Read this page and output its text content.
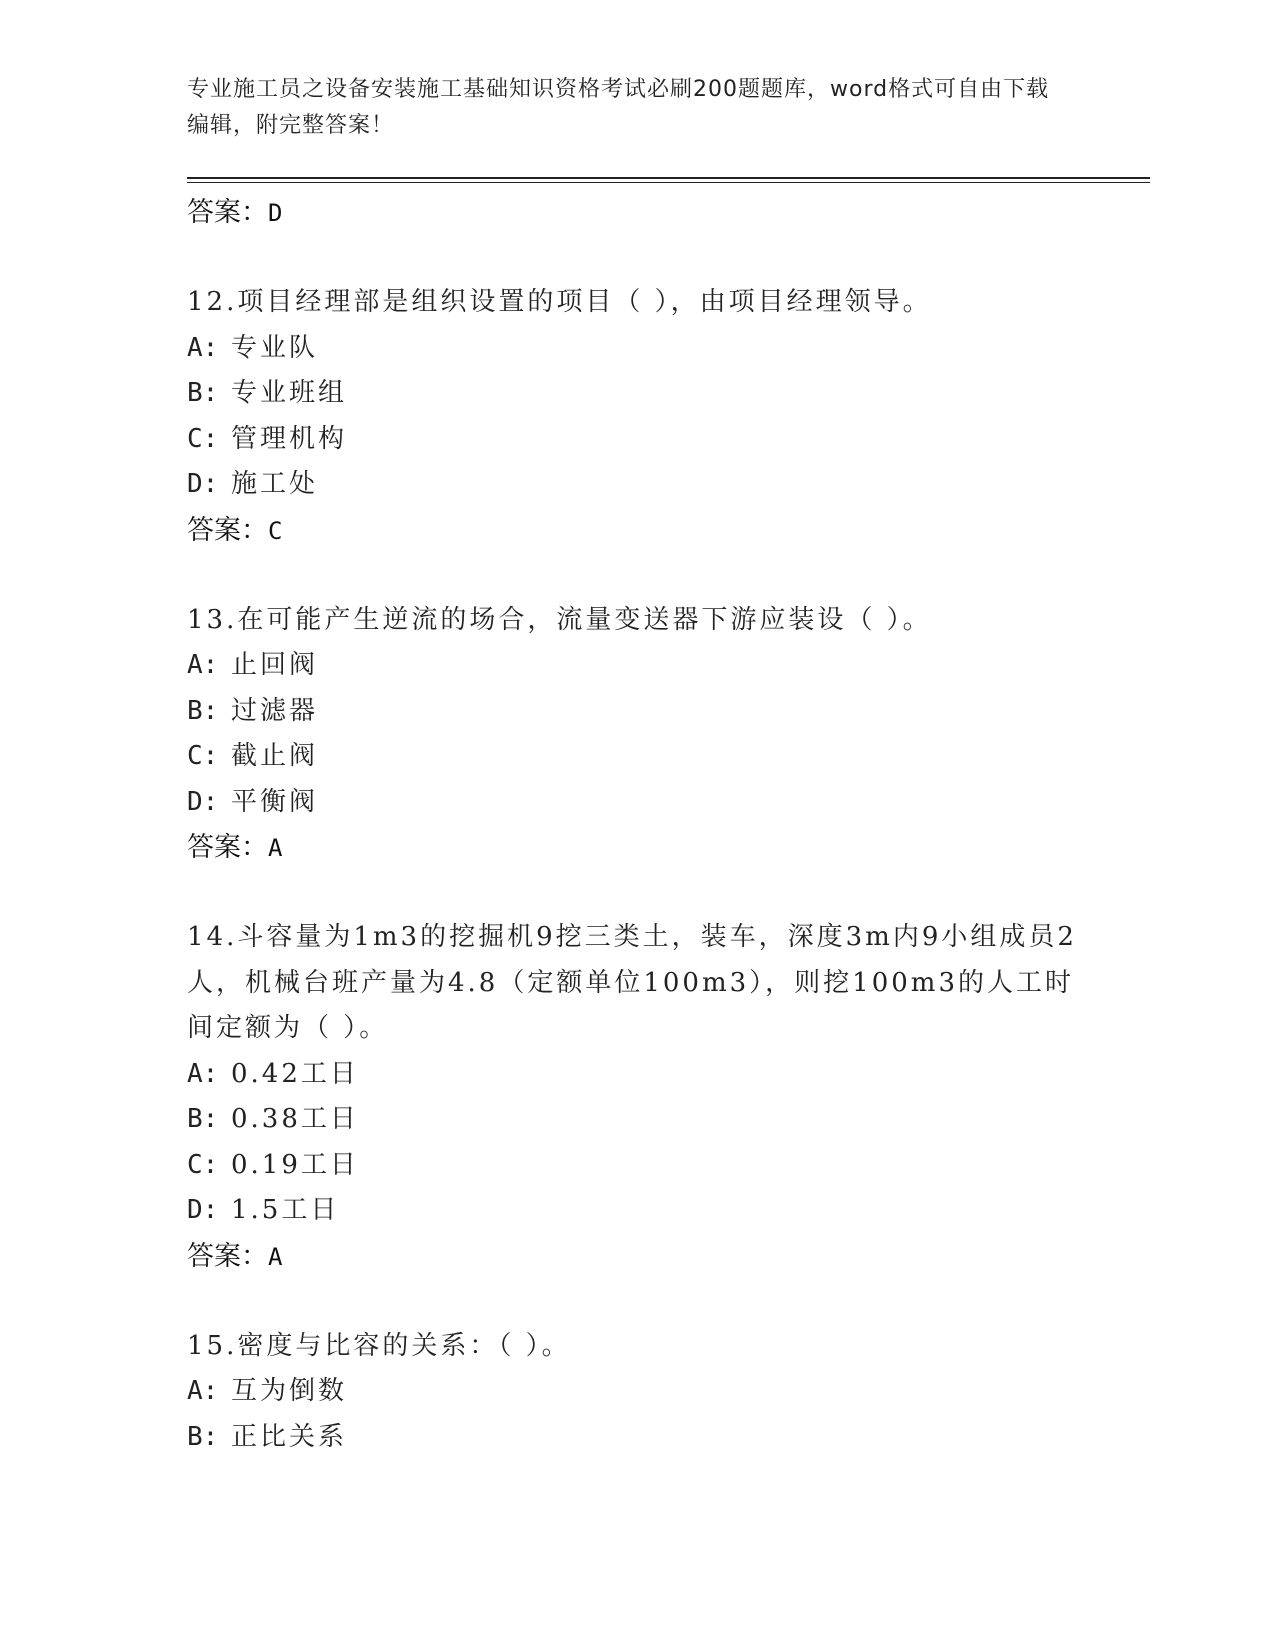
专业施工员之设备安装施工基础知识资格考试必刷200题题库，word格式可自由下载编辑，附完整答案！
答案：D
12.项目经理部是组织设置的项目（ ），由项目经理领导。
A: 专业队
B: 专业班组
C: 管理机构
D: 施工处
答案：C
13.在可能产生逆流的场合，流量变送器下游应装设（ ）。
A: 止回阀
B: 过滤器
C: 截止阀
D: 平衡阀
答案：A
14.斗容量为1m3的挖掘机9挖三类土，装车，深度3m内9小组成员2人，机械台班产量为4.8（定额单位100m3），则挖100m3的人工时间定额为（ ）。
A: 0.42工日
B: 0.38工日
C: 0.19工日
D: 1.5工日
答案：A
15.密度与比容的关系：（ ）。
A: 互为倒数
B: 正比关系
